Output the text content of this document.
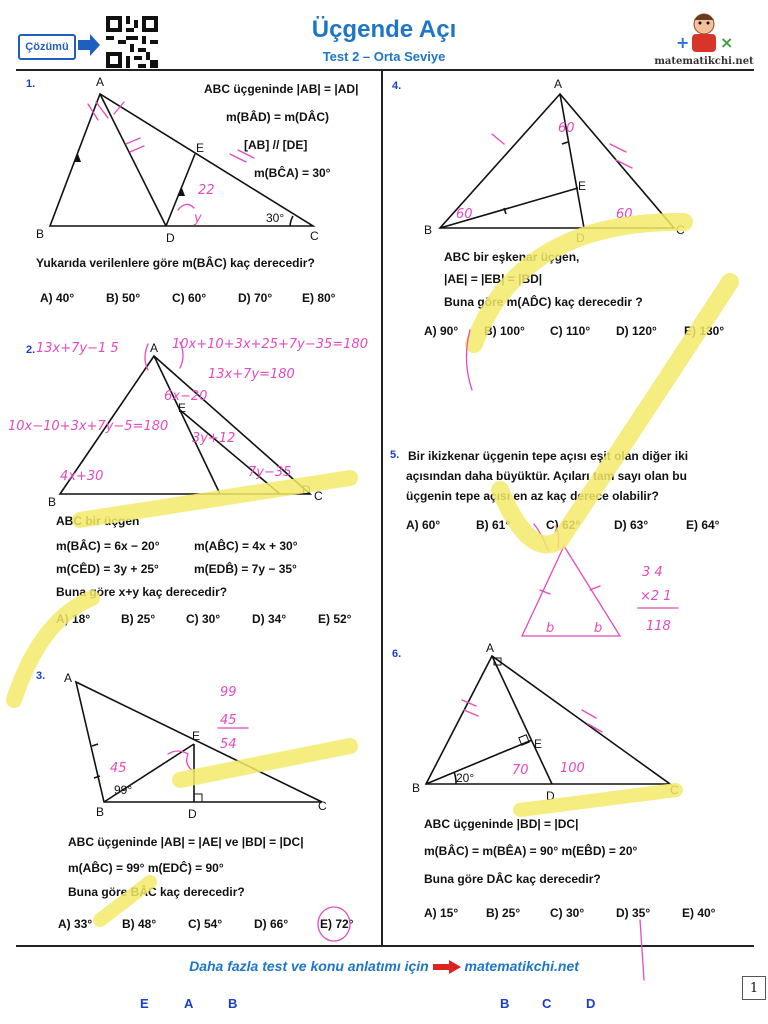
Çözümü
Üçgende Açı
Test 2 – Orta Seviye
+ ×
matematikchi.net
1.	A
B	C
D
E
30°
22
y
ABC üçgeninde |AB| = |AD|
m(BÂD) = m(DÂC)
[AB] // [DE]
m(BĈA) = 30°
Yukarıda verilenlere göre m(BÂC) kaç derecedir?
A) 40°	B) 50°	C) 60°	D) 70° E) 80°
2.	A
B	C
D
E
13x+7y−1 5	10x+10+3x+25+7y−35=180
13x+7y=180
10x−10+3x+7y−5=180
6x−20
3y+12
4x+30	7y−35
ABC bir üçgen
m(BÂC) = 6x − 20°	m(AB̂C) = 4x + 30°
m(CÊD) = 3y + 25°	m(EDB̂) = 7y − 35°
Buna göre x+y kaç derecedir?
A) 18°	B) 25°	C) 30°	D) 34°	E) 52°
3. A
B	C
D
E
99°
99
45
54
45
ABC üçgeninde |AB| = |AE| ve |BD| = |DC|
m(AB̂C) = 99° m(EDĈ) = 90°
Buna göre BÂC kaç derecedir?
A) 33° B) 48°	C) 54°	D) 66°	E) 72°
4.	A
B	C
D
E
60
60	60
ABC bir eşkenar üçgen,
|AE| = |EB| = |BD|
Buna göre m(AD̂C) kaç derecedir ?
A) 90° B) 100° C) 110° D) 120° E) 130°
5. Bir ikizkenar üçgenin tepe açısı eşit olan diğer iki
açısından daha büyüktür. Açıları tam sayı olan bu
üçgenin tepe açısı en az kaç derece olabilir?
A) 60°	B) 61°	C) 62°	D) 63°	E) 64°
b	b
3 4
×2 1
118
6.	A
B	C
D
E
20°	70 100
ABC üçgeninde |BD| = |DC|
m(BÂC) = m(BÊA) = 90° m(EB̂D) = 20°
Buna göre DÂC kaç derecedir?
A) 15° B) 25° C) 30°	D) 35°	E) 40°
Daha fazla test ve konu anlatımı için	matematikchi.net
1
E	A	B	B	C	D
